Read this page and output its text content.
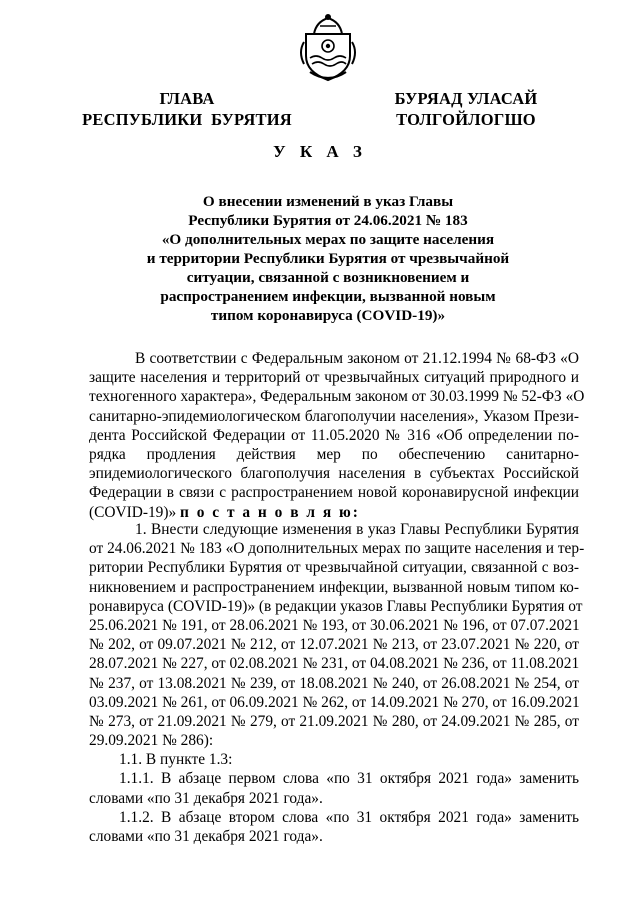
ГЛАВА
РЕСПУБЛИКИ  БУРЯТИЯ
БУРЯАД УЛАСАЙ
ТОЛГОЙЛОГШО
У К А З
О внесении изменений в указ Главы
Республики Бурятия от 24.06.2021 № 183
«О дополнительных мерах по защите населения
и территории Республики Бурятия от чрезвычайной
ситуации, связанной с возникновением и
распространением инфекции, вызванной новым
типом коронавируса (COVID-19)»
В соответствии с Федеральным законом от 21.12.1994 № 68-ФЗ «О
защите населения и территорий от чрезвычайных ситуаций природного и
техногенного характера», Федеральным законом от 30.03.1999 № 52-ФЗ «О
санитарно-эпидемиологическом благополучии населения», Указом Прези-
дента Российской Федерации от 11.05.2020 № 316 «Об определении по-
рядка продления действия мер по обеспечению санитарно-
эпидемиологического благополучия населения в субъектах Российской
Федерации в связи с распространением новой коронавирусной инфекции
(COVID-19)» п о с т а н о в л я ю:
1. Внести следующие изменения в указ Главы Республики Бурятия
от 24.06.2021 № 183 «О дополнительных мерах по защите населения и тер-
ритории Республики Бурятия от чрезвычайной ситуации, связанной с воз-
никновением и распространением инфекции, вызванной новым типом ко-
ронавируса (COVID-19)» (в редакции указов Главы Республики Бурятия от
25.06.2021 № 191, от 28.06.2021 № 193, от 30.06.2021 № 196, от 07.07.2021
№ 202, от 09.07.2021 № 212, от 12.07.2021 № 213, от 23.07.2021 № 220, от
28.07.2021 № 227, от 02.08.2021 № 231, от 04.08.2021 № 236, от 11.08.2021
№ 237, от 13.08.2021 № 239, от 18.08.2021 № 240, от 26.08.2021 № 254, от
03.09.2021 № 261, от 06.09.2021 № 262, от 14.09.2021 № 270, от 16.09.2021
№ 273, от 21.09.2021 № 279, от 21.09.2021 № 280, от 24.09.2021 № 285, от
29.09.2021 № 286):
1.1. В пункте 1.3:
1.1.1. В абзаце первом слова «по 31 октября 2021 года» заменить
словами «по 31 декабря 2021 года».
1.1.2. В абзаце втором слова «по 31 октября 2021 года» заменить
словами «по 31 декабря 2021 года».
